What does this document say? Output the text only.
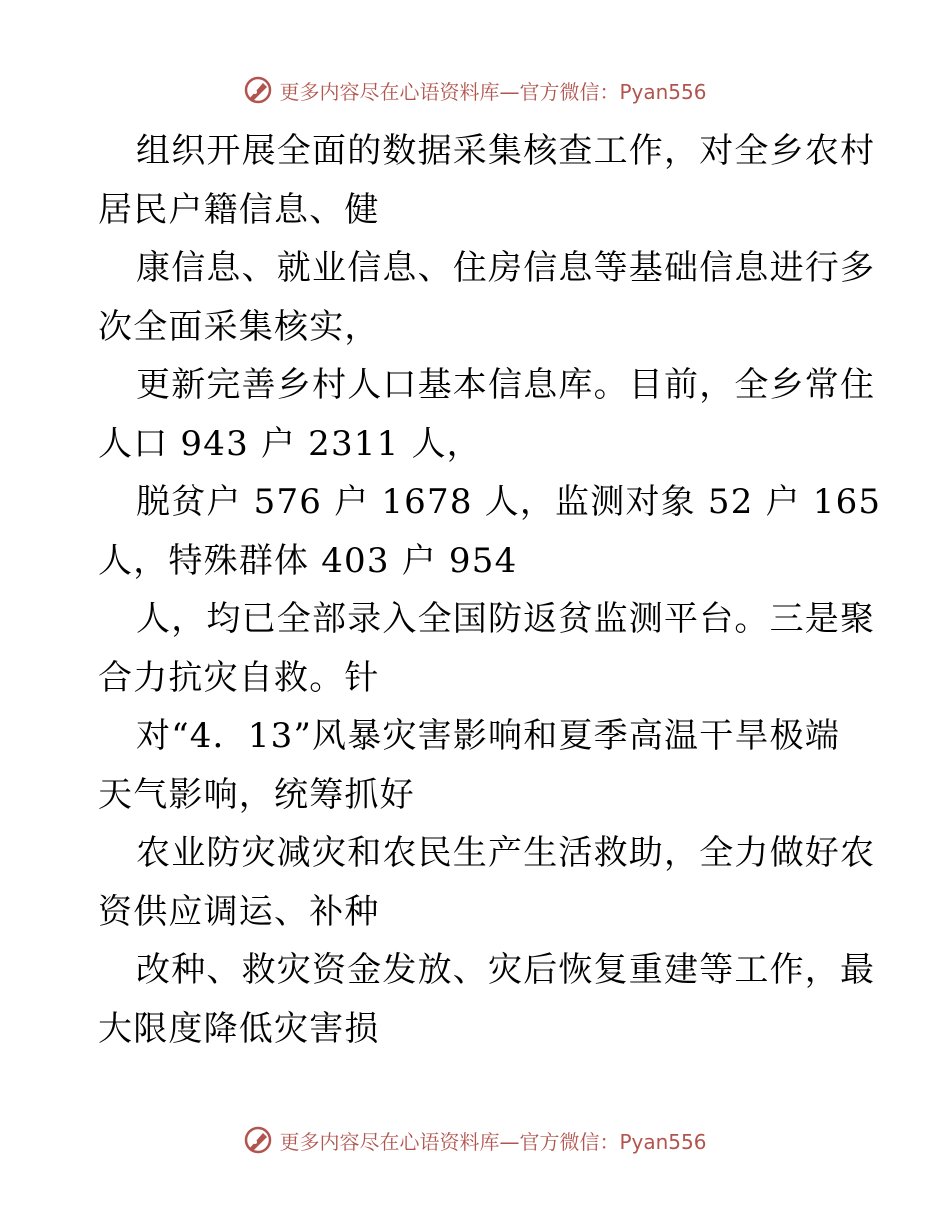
更多内容尽在心语资料库—官方微信：Pyan556
组织开展全面的数据采集核查工作，对全乡农村
居民户籍信息、健
康信息、就业信息、住房信息等基础信息进行多
次全面采集核实，
更新完善乡村人口基本信息库。目前，全乡常住
人口 943 户 2311 人，
脱贫户 576 户 1678 人，监测对象 52 户 165
人，特殊群体 403 户 954
人，均已全部录入全国防返贫监测平台。三是聚
合力抗灾自救。针
对“4．13”风暴灾害影响和夏季高温干旱极端
天气影响，统筹抓好
农业防灾减灾和农民生产生活救助，全力做好农
资供应调运、补种
改种、救灾资金发放、灾后恢复重建等工作，最
大限度降低灾害损
更多内容尽在心语资料库—官方微信：Pyan556
